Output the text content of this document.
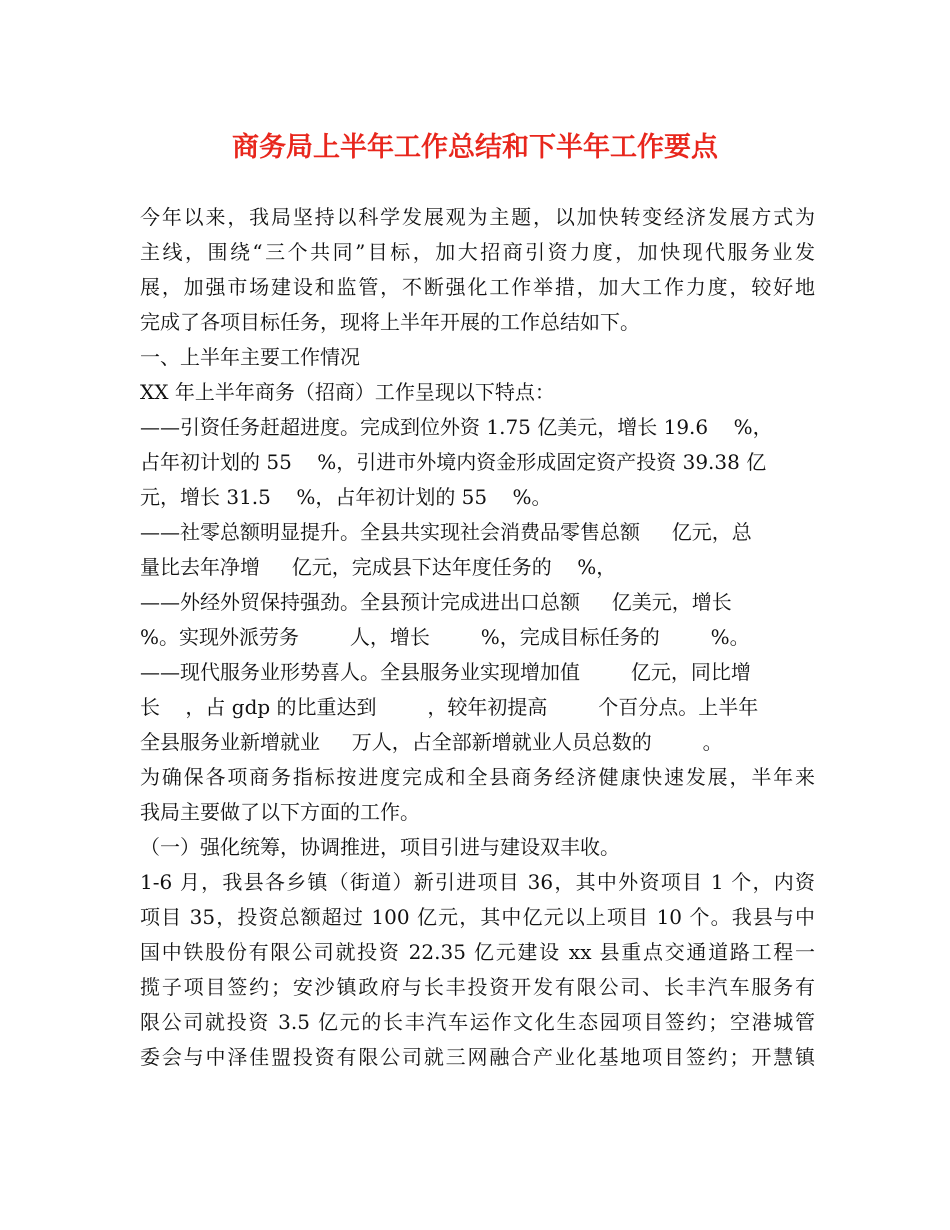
商务局上半年工作总结和下半年工作要点
今年以来，我局坚持以科学发展观为主题，以加快转变经济发展方式为
主线，围绕“三个共同”目标，加大招商引资力度，加快现代服务业发
展，加强市场建设和监管，不断强化工作举措，加大工作力度，较好地
完成了各项目标任务，现将上半年开展的工作总结如下。
一、上半年主要工作情况
XX 年上半年商务（招商）工作呈现以下特点：
——引资任务赶超进度。完成到位外资 1.75 亿美元，增长 19.6    %，
占年初计划的 55    %，引进市外境内资金形成固定资产投资 39.38 亿
元，增长 31.5    %，占年初计划的 55    %。
——社零总额明显提升。全县共实现社会消费品零售总额     亿元，总
量比去年净增     亿元，完成县下达年度任务的    %，
——外经外贸保持强劲。全县预计完成进出口总额     亿美元，增长
%。实现外派劳务        人，增长        %，完成目标任务的        %。
——现代服务业形势喜人。全县服务业实现增加值        亿元，同比增
长    ，占 gdp 的比重达到        ，较年初提高        个百分点。上半年
全县服务业新增就业     万人，占全部新增就业人员总数的        。
为确保各项商务指标按进度完成和全县商务经济健康快速发展，半年来
我局主要做了以下方面的工作。
（一）强化统筹，协调推进，项目引进与建设双丰收。
1-6 月，我县各乡镇（街道）新引进项目 36，其中外资项目 1 个，内资
项目 35，投资总额超过 100 亿元，其中亿元以上项目 10 个。我县与中
国中铁股份有限公司就投资 22.35 亿元建设 xx 县重点交通道路工程一
揽子项目签约；安沙镇政府与长丰投资开发有限公司、长丰汽车服务有
限公司就投资 3.5 亿元的长丰汽车运作文化生态园项目签约；空港城管
委会与中泽佳盟投资有限公司就三网融合产业化基地项目签约；开慧镇
